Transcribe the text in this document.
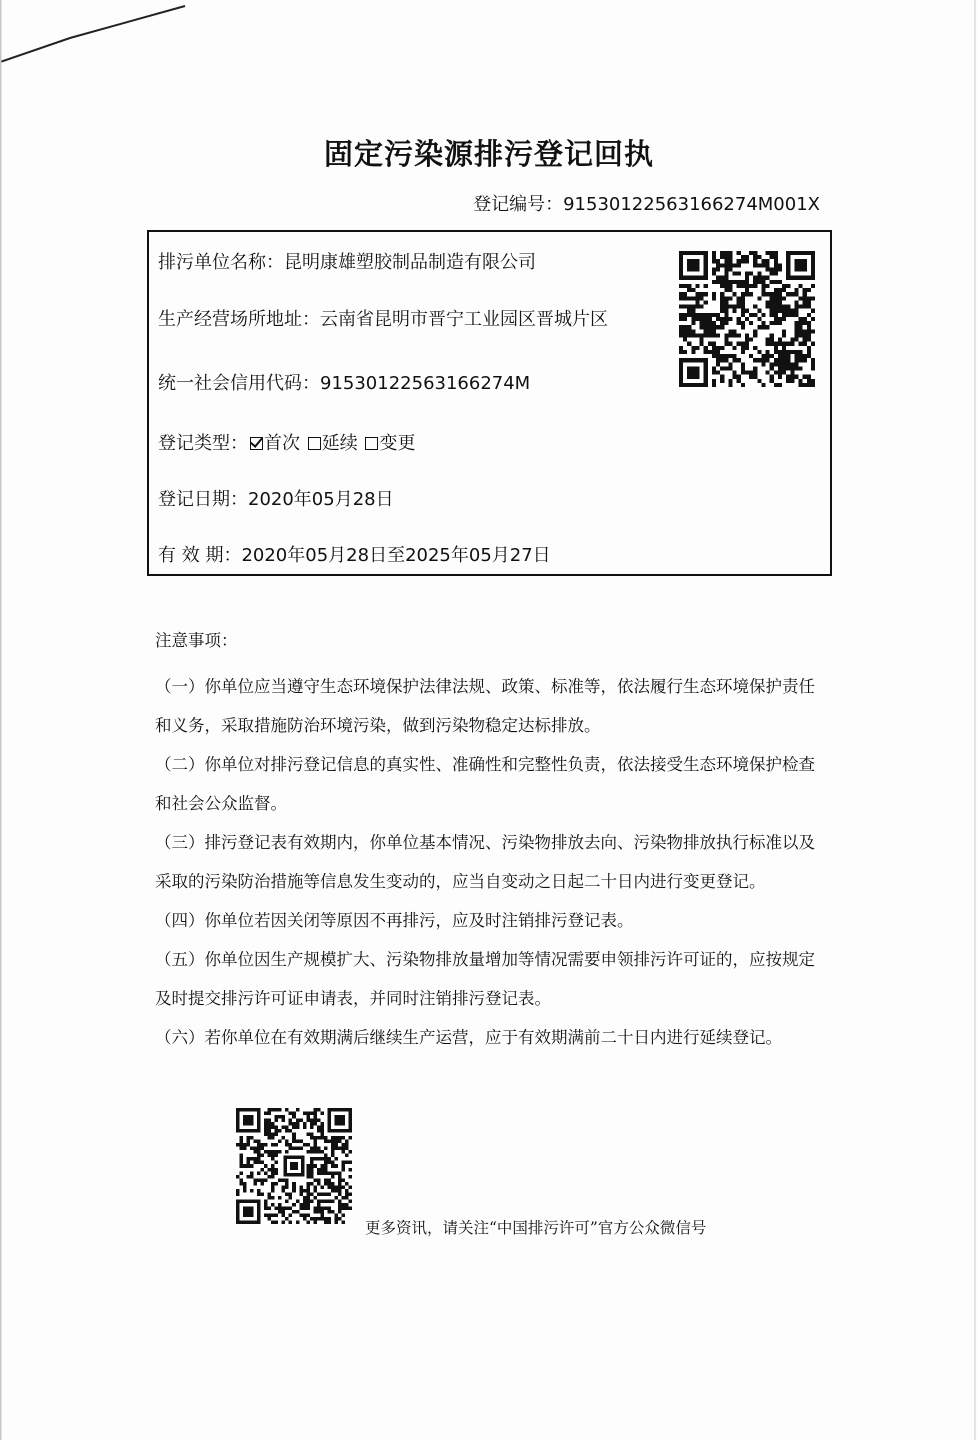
固定污染源排污登记回执
登记编号：91530122563166274M001X
排污单位名称：昆明康雄塑胶制品制造有限公司
生产经营场所地址：云南省昆明市晋宁工业园区晋城片区
统一社会信用代码：91530122563166274M
登记类型： 首次 延续 变更
登记日期：2020年05月28日
有 效 期：2020年05月28日至2025年05月27日
注意事项：
（一）你单位应当遵守生态环境保护法律法规、政策、标准等，依法履行生态环境保护责任和义务，采取措施防治环境污染，做到污染物稳定达标排放。
（二）你单位对排污登记信息的真实性、准确性和完整性负责，依法接受生态环境保护检查和社会公众监督。
（三）排污登记表有效期内，你单位基本情况、污染物排放去向、污染物排放执行标准以及采取的污染防治措施等信息发生变动的，应当自变动之日起二十日内进行变更登记。
（四）你单位若因关闭等原因不再排污，应及时注销排污登记表。
（五）你单位因生产规模扩大、污染物排放量增加等情况需要申领排污许可证的，应按规定及时提交排污许可证申请表，并同时注销排污登记表。
（六）若你单位在有效期满后继续生产运营，应于有效期满前二十日内进行延续登记。
更多资讯，请关注“中国排污许可”官方公众微信号
